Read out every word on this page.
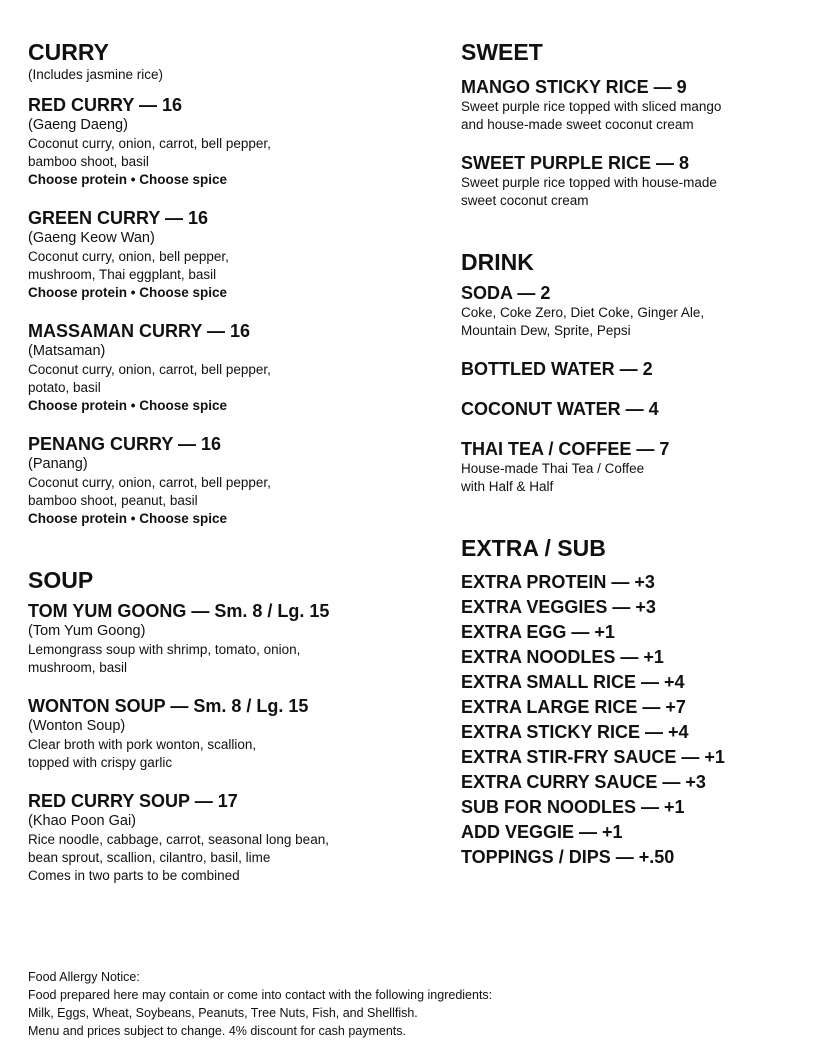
CURRY
(Includes jasmine rice)
RED CURRY — 16
(Gaeng Daeng)
Coconut curry, onion, carrot, bell pepper,
bamboo shoot, basil
Choose protein • Choose spice
GREEN CURRY — 16
(Gaeng Keow Wan)
Coconut curry, onion, bell pepper,
mushroom, Thai eggplant, basil
Choose protein • Choose spice
MASSAMAN CURRY — 16
(Matsaman)
Coconut curry, onion, carrot, bell pepper,
potato, basil
Choose protein • Choose spice
PENANG CURRY — 16
(Panang)
Coconut curry, onion, carrot, bell pepper,
bamboo shoot, peanut, basil
Choose protein • Choose spice
SOUP
TOM YUM GOONG — Sm. 8 / Lg. 15
(Tom Yum Goong)
Lemongrass soup with shrimp, tomato, onion,
mushroom, basil
WONTON SOUP — Sm. 8 / Lg. 15
(Wonton Soup)
Clear broth with pork wonton, scallion,
topped with crispy garlic
RED CURRY SOUP — 17
(Khao Poon Gai)
Rice noodle, cabbage, carrot, seasonal long bean,
bean sprout, scallion, cilantro, basil, lime
Comes in two parts to be combined
SWEET
MANGO STICKY RICE — 9
Sweet purple rice topped with sliced mango
and house-made sweet coconut cream
SWEET PURPLE RICE — 8
Sweet purple rice topped with house-made
sweet coconut cream
DRINK
SODA — 2
Coke, Coke Zero, Diet Coke, Ginger Ale,
Mountain Dew, Sprite, Pepsi
BOTTLED WATER — 2
COCONUT WATER — 4
THAI TEA / COFFEE — 7
House-made Thai Tea / Coffee
with Half & Half
EXTRA / SUB
EXTRA PROTEIN — +3
EXTRA VEGGIES — +3
EXTRA EGG — +1
EXTRA NOODLES — +1
EXTRA SMALL RICE — +4
EXTRA LARGE RICE — +7
EXTRA STICKY RICE — +4
EXTRA STIR-FRY SAUCE — +1
EXTRA CURRY SAUCE — +3
SUB FOR NOODLES — +1
ADD VEGGIE — +1
TOPPINGS / DIPS — +.50
Food Allergy Notice:
Food prepared here may contain or come into contact with the following ingredients:
Milk, Eggs, Wheat, Soybeans, Peanuts, Tree Nuts, Fish, and Shellfish.
Menu and prices subject to change. 4% discount for cash payments.
